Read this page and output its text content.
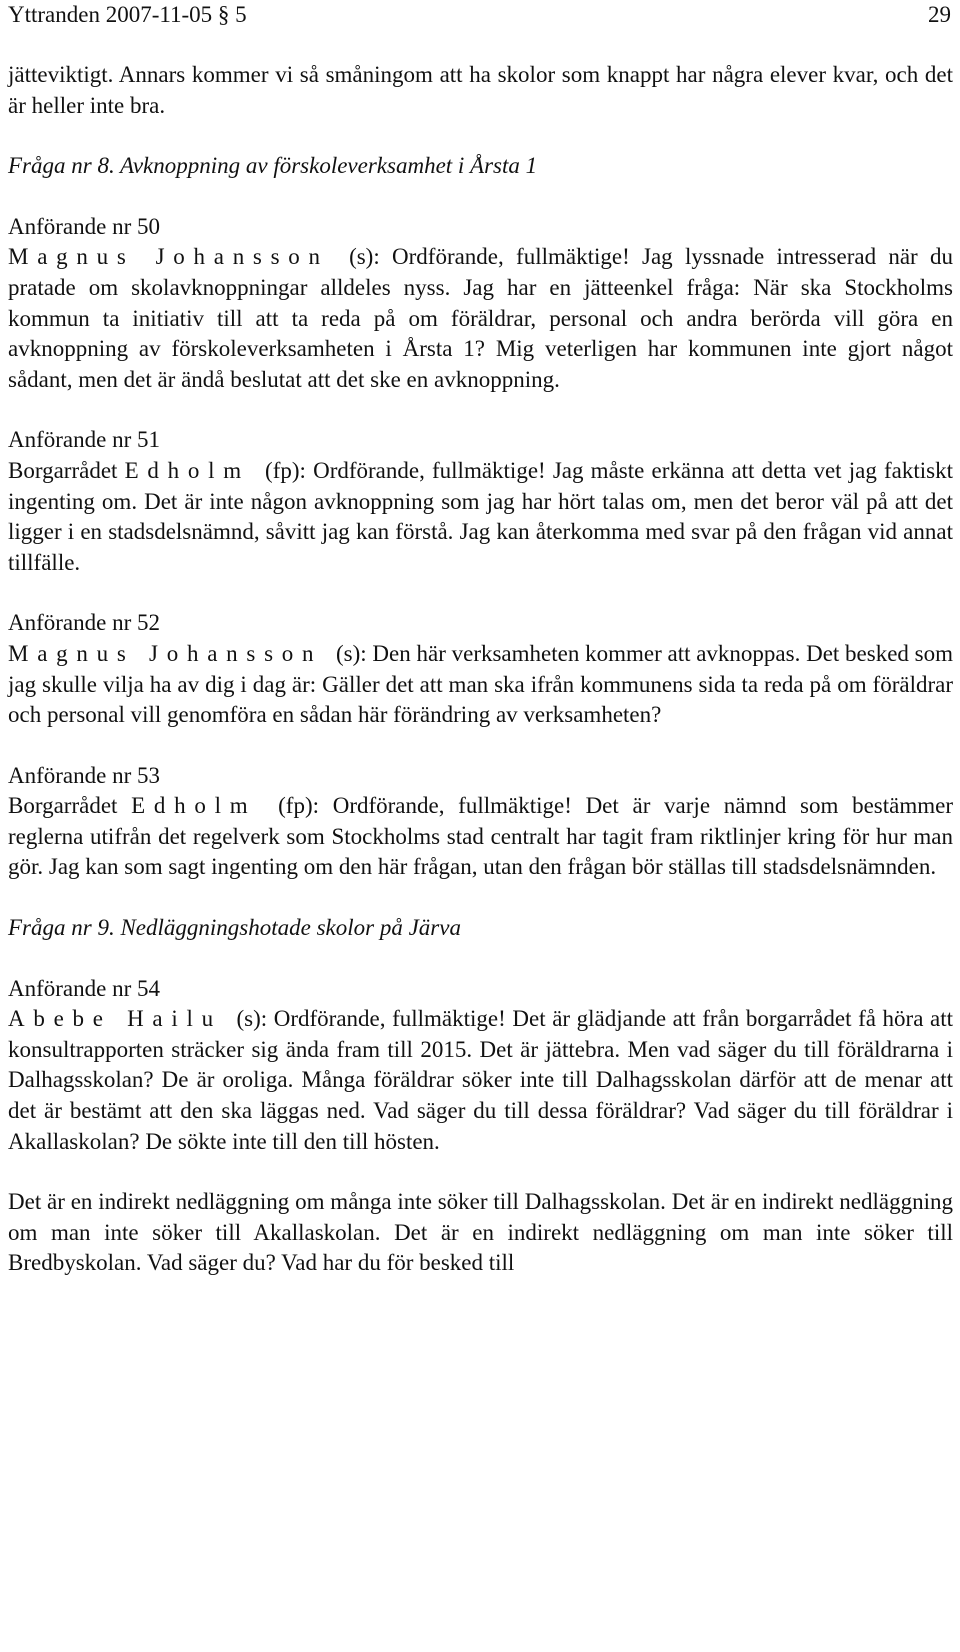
Yttranden 2007-11-05 § 5	29

jätteviktigt. Annars kommer vi så småningom att ha skolor som knappt har några elever kvar, och det är heller inte bra.

Fråga nr 8. Avknoppning av förskoleverksamhet i Årsta 1

Anförande nr 50

Magnus Johansson (s): Ordförande, fullmäktige! Jag lyssnade intresserad när du pratade om skolavknoppningar alldeles nyss. Jag har en jätteenkel fråga: När ska Stockholms kommun ta initiativ till att ta reda på om föräldrar, personal och andra berörda vill göra en avknoppning av förskoleverksamheten i Årsta 1? Mig veterligen har kommunen inte gjort något sådant, men det är ändå beslutat att det ske en avknoppning.

Anförande nr 51

Borgarrådet Edholm (fp): Ordförande, fullmäktige! Jag måste erkänna att detta vet jag faktiskt ingenting om. Det är inte någon avknoppning som jag har hört talas om, men det beror väl på att det ligger i en stadsdelsnämnd, såvitt jag kan förstå. Jag kan återkomma med svar på den frågan vid annat tillfälle.

Anförande nr 52

Magnus Johansson (s): Den här verksamheten kommer att avknoppas. Det besked som jag skulle vilja ha av dig i dag är: Gäller det att man ska ifrån kommunens sida ta reda på om föräldrar och personal vill genomföra en sådan här förändring av verksamheten?

Anförande nr 53

Borgarrådet Edholm (fp): Ordförande, fullmäktige! Det är varje nämnd som bestämmer reglerna utifrån det regelverk som Stockholms stad centralt har tagit fram riktlinjer kring för hur man gör. Jag kan som sagt ingenting om den här frågan, utan den frågan bör ställas till stadsdelsnämnden.

Fråga nr 9. Nedläggningshotade skolor på Järva

Anförande nr 54

Abebe Hailu (s): Ordförande, fullmäktige! Det är glädjande att från borgarrådet få höra att konsultrapporten sträcker sig ända fram till 2015. Det är jättebra. Men vad säger du till föräldrarna i Dalhagsskolan? De är oroliga. Många föräldrar söker inte till Dalhagsskolan därför att de menar att det är bestämt att den ska läggas ned. Vad säger du till dessa föräldrar? Vad säger du till föräldrar i Akallaskolan? De sökte inte till den till hösten.

Det är en indirekt nedläggning om många inte söker till Dalhagsskolan. Det är en indirekt nedläggning om man inte söker till Akallaskolan. Det är en indirekt nedläggning om man inte söker till Bredbyskolan. Vad säger du? Vad har du för besked till
